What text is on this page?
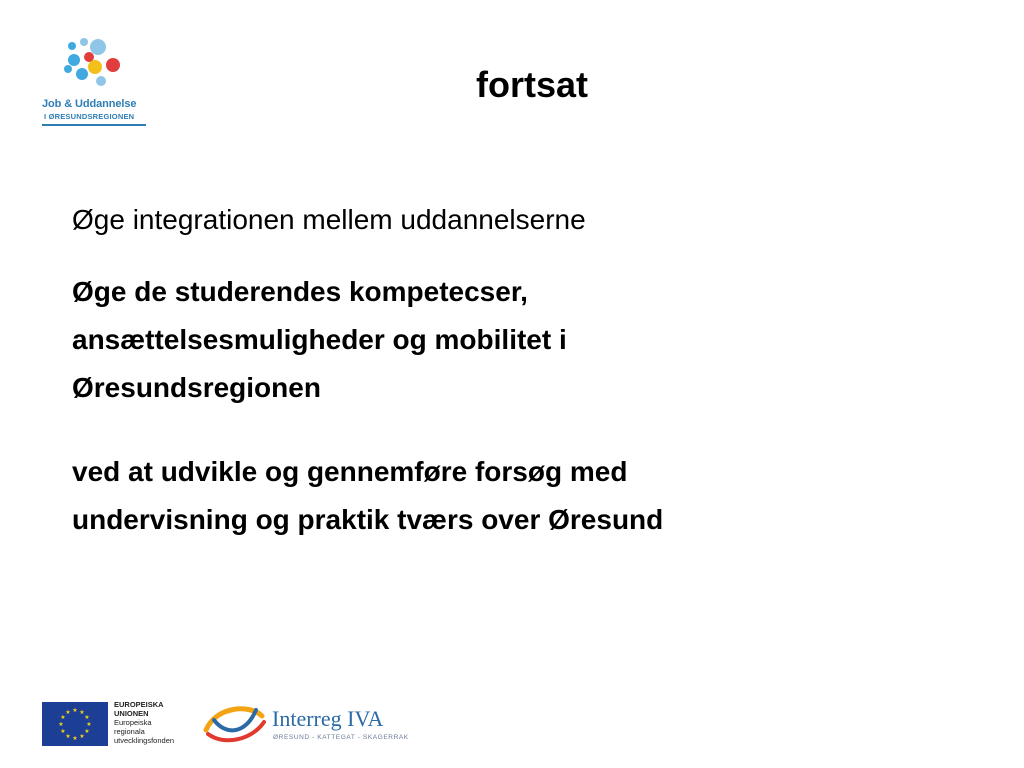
Job & Uddannelse
I ØRESUNDSREGIONEN
fortsat

Øge integrationen mellem uddannelserne

Øge de studerendes kompetecser,
ansættelsesmuligheder og mobilitet i
Øresundsregionen

ved at udvikle og gennemføre forsøg med
undervisning og praktik tværs over Øresund

★ ★
★
★
★
★
★
★
★
★
★
★
EUROPEISKA
UNIONEN
Europeiska
regionala
utvecklingsfonden
Interreg IVA
ØRESUND - KATTEGAT - SKAGERRAK
